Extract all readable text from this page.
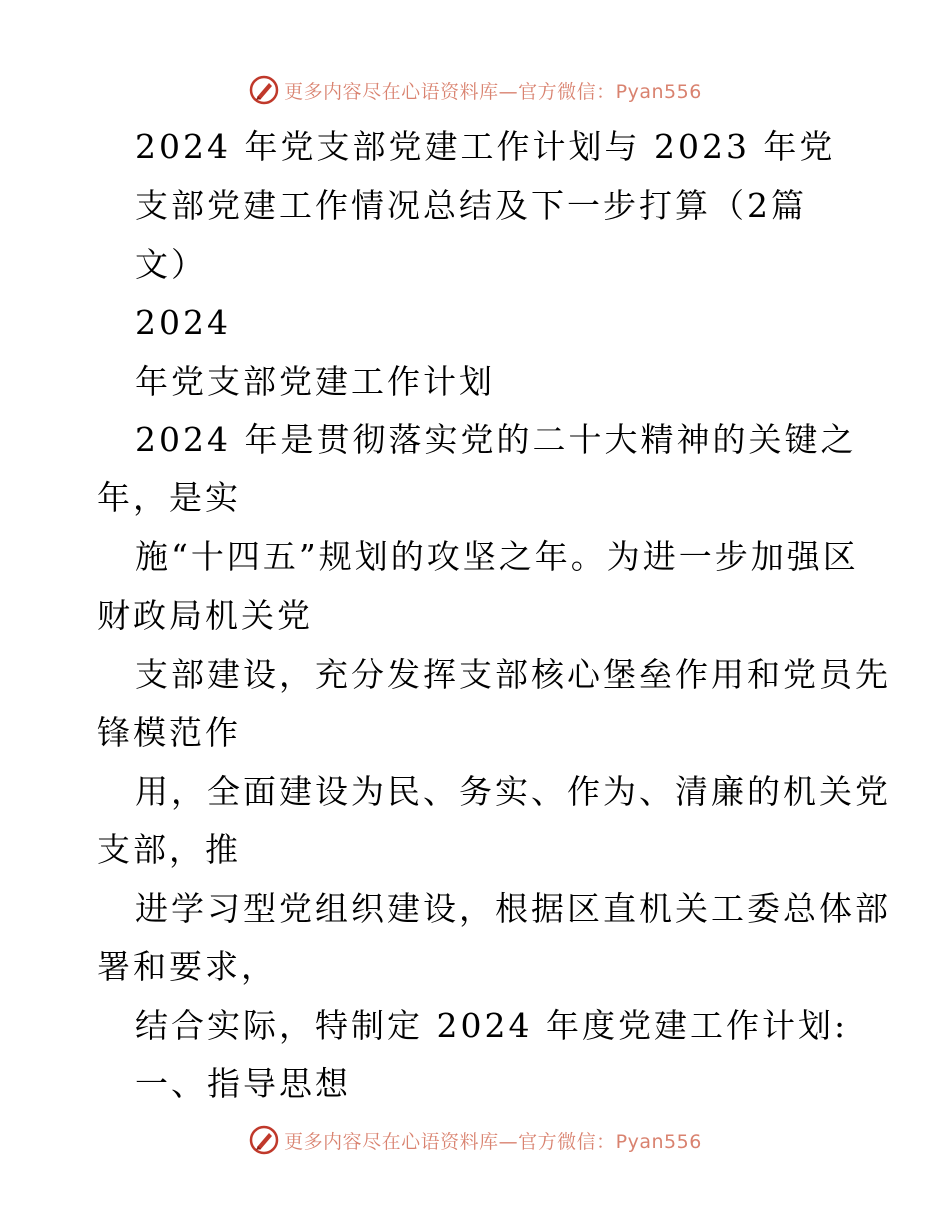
更多内容尽在心语资料库—官方微信：Pyan556
2024 年党支部党建工作计划与 2023 年党
支部党建工作情况总结及下一步打算（2篇
文）
2024
年党支部党建工作计划
2024 年是贯彻落实党的二十大精神的关键之
年，是实
施“十四五”规划的攻坚之年。为进一步加强区
财政局机关党
支部建设，充分发挥支部核心堡垒作用和党员先
锋模范作
用，全面建设为民、务实、作为、清廉的机关党
支部，推
进学习型党组织建设，根据区直机关工委总体部
署和要求，
结合实际，特制定 2024 年度党建工作计划:
一、指导思想
更多内容尽在心语资料库—官方微信：Pyan556
